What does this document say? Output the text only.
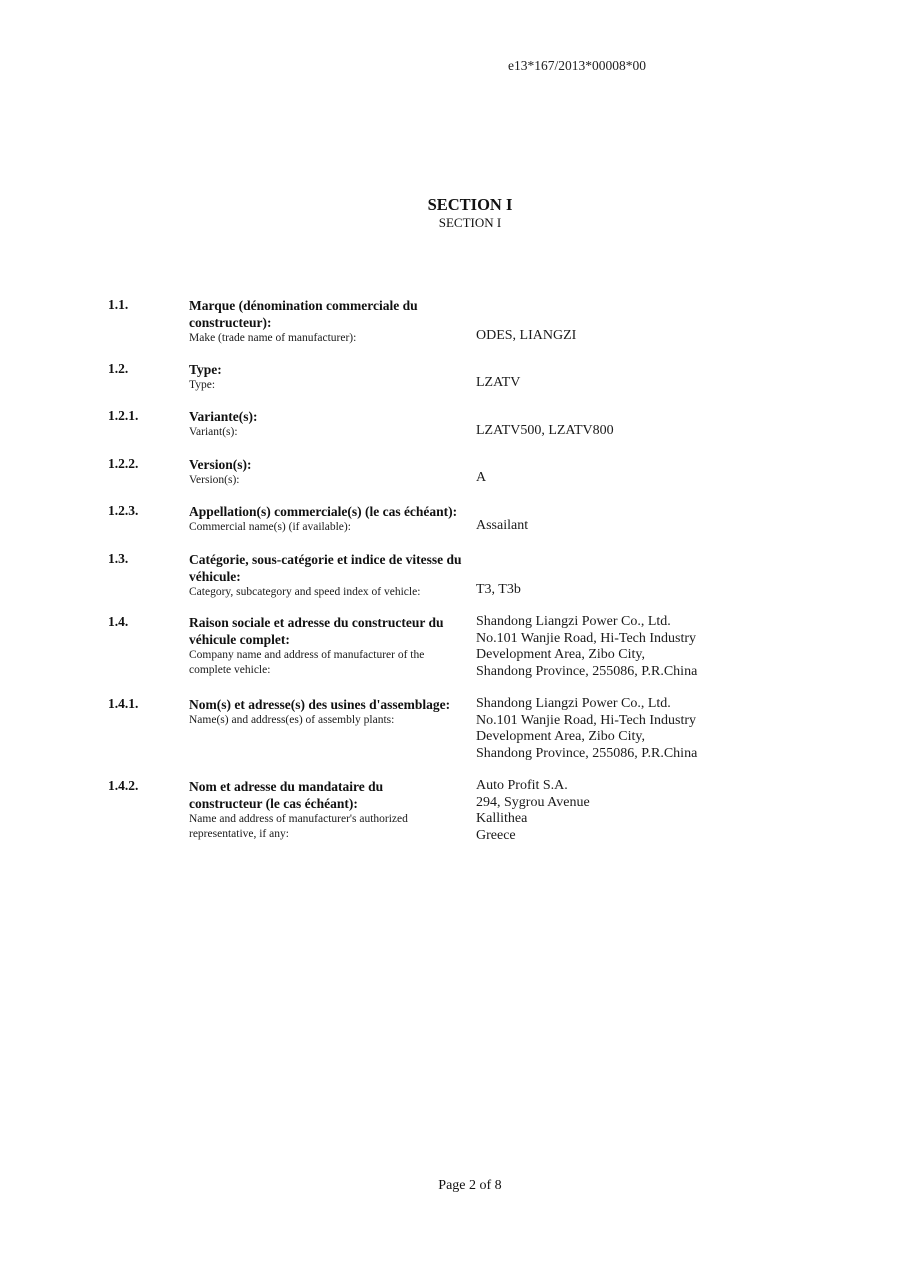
e13*167/2013*00008*00
SECTION I
SECTION I
1.1.	Marque (dénomination commerciale du constructeur):
Make (trade name of manufacturer):	ODES, LIANGZI
1.2.	Type:
Type:	LZATV
1.2.1.	Variante(s):
Variant(s):	LZATV500, LZATV800
1.2.2.	Version(s):
Version(s):	A
1.2.3.	Appellation(s) commerciale(s) (le cas échéant):
Commercial name(s) (if available):	Assailant
1.3.	Catégorie, sous-catégorie et indice de vitesse du véhicule:
Category, subcategory and speed index of vehicle:	T3, T3b
1.4.	Raison sociale et adresse du constructeur du véhicule complet:
Company name and address of manufacturer of the complete vehicle:
Shandong Liangzi Power Co., Ltd.
No.101 Wanjie Road, Hi-Tech Industry
Development Area, Zibo City,
Shandong Province, 255086, P.R.China
1.4.1.	Nom(s) et adresse(s) des usines d'assemblage:
Name(s) and address(es) of assembly plants:
Shandong Liangzi Power Co., Ltd.
No.101 Wanjie Road, Hi-Tech Industry
Development Area, Zibo City,
Shandong Province, 255086, P.R.China
1.4.2.	Nom et adresse du mandataire du constructeur (le cas échéant):
Name and address of manufacturer's authorized representative, if any:
Auto Profit S.A.
294, Sygrou Avenue
Kallithea
Greece
Page 2 of 8
